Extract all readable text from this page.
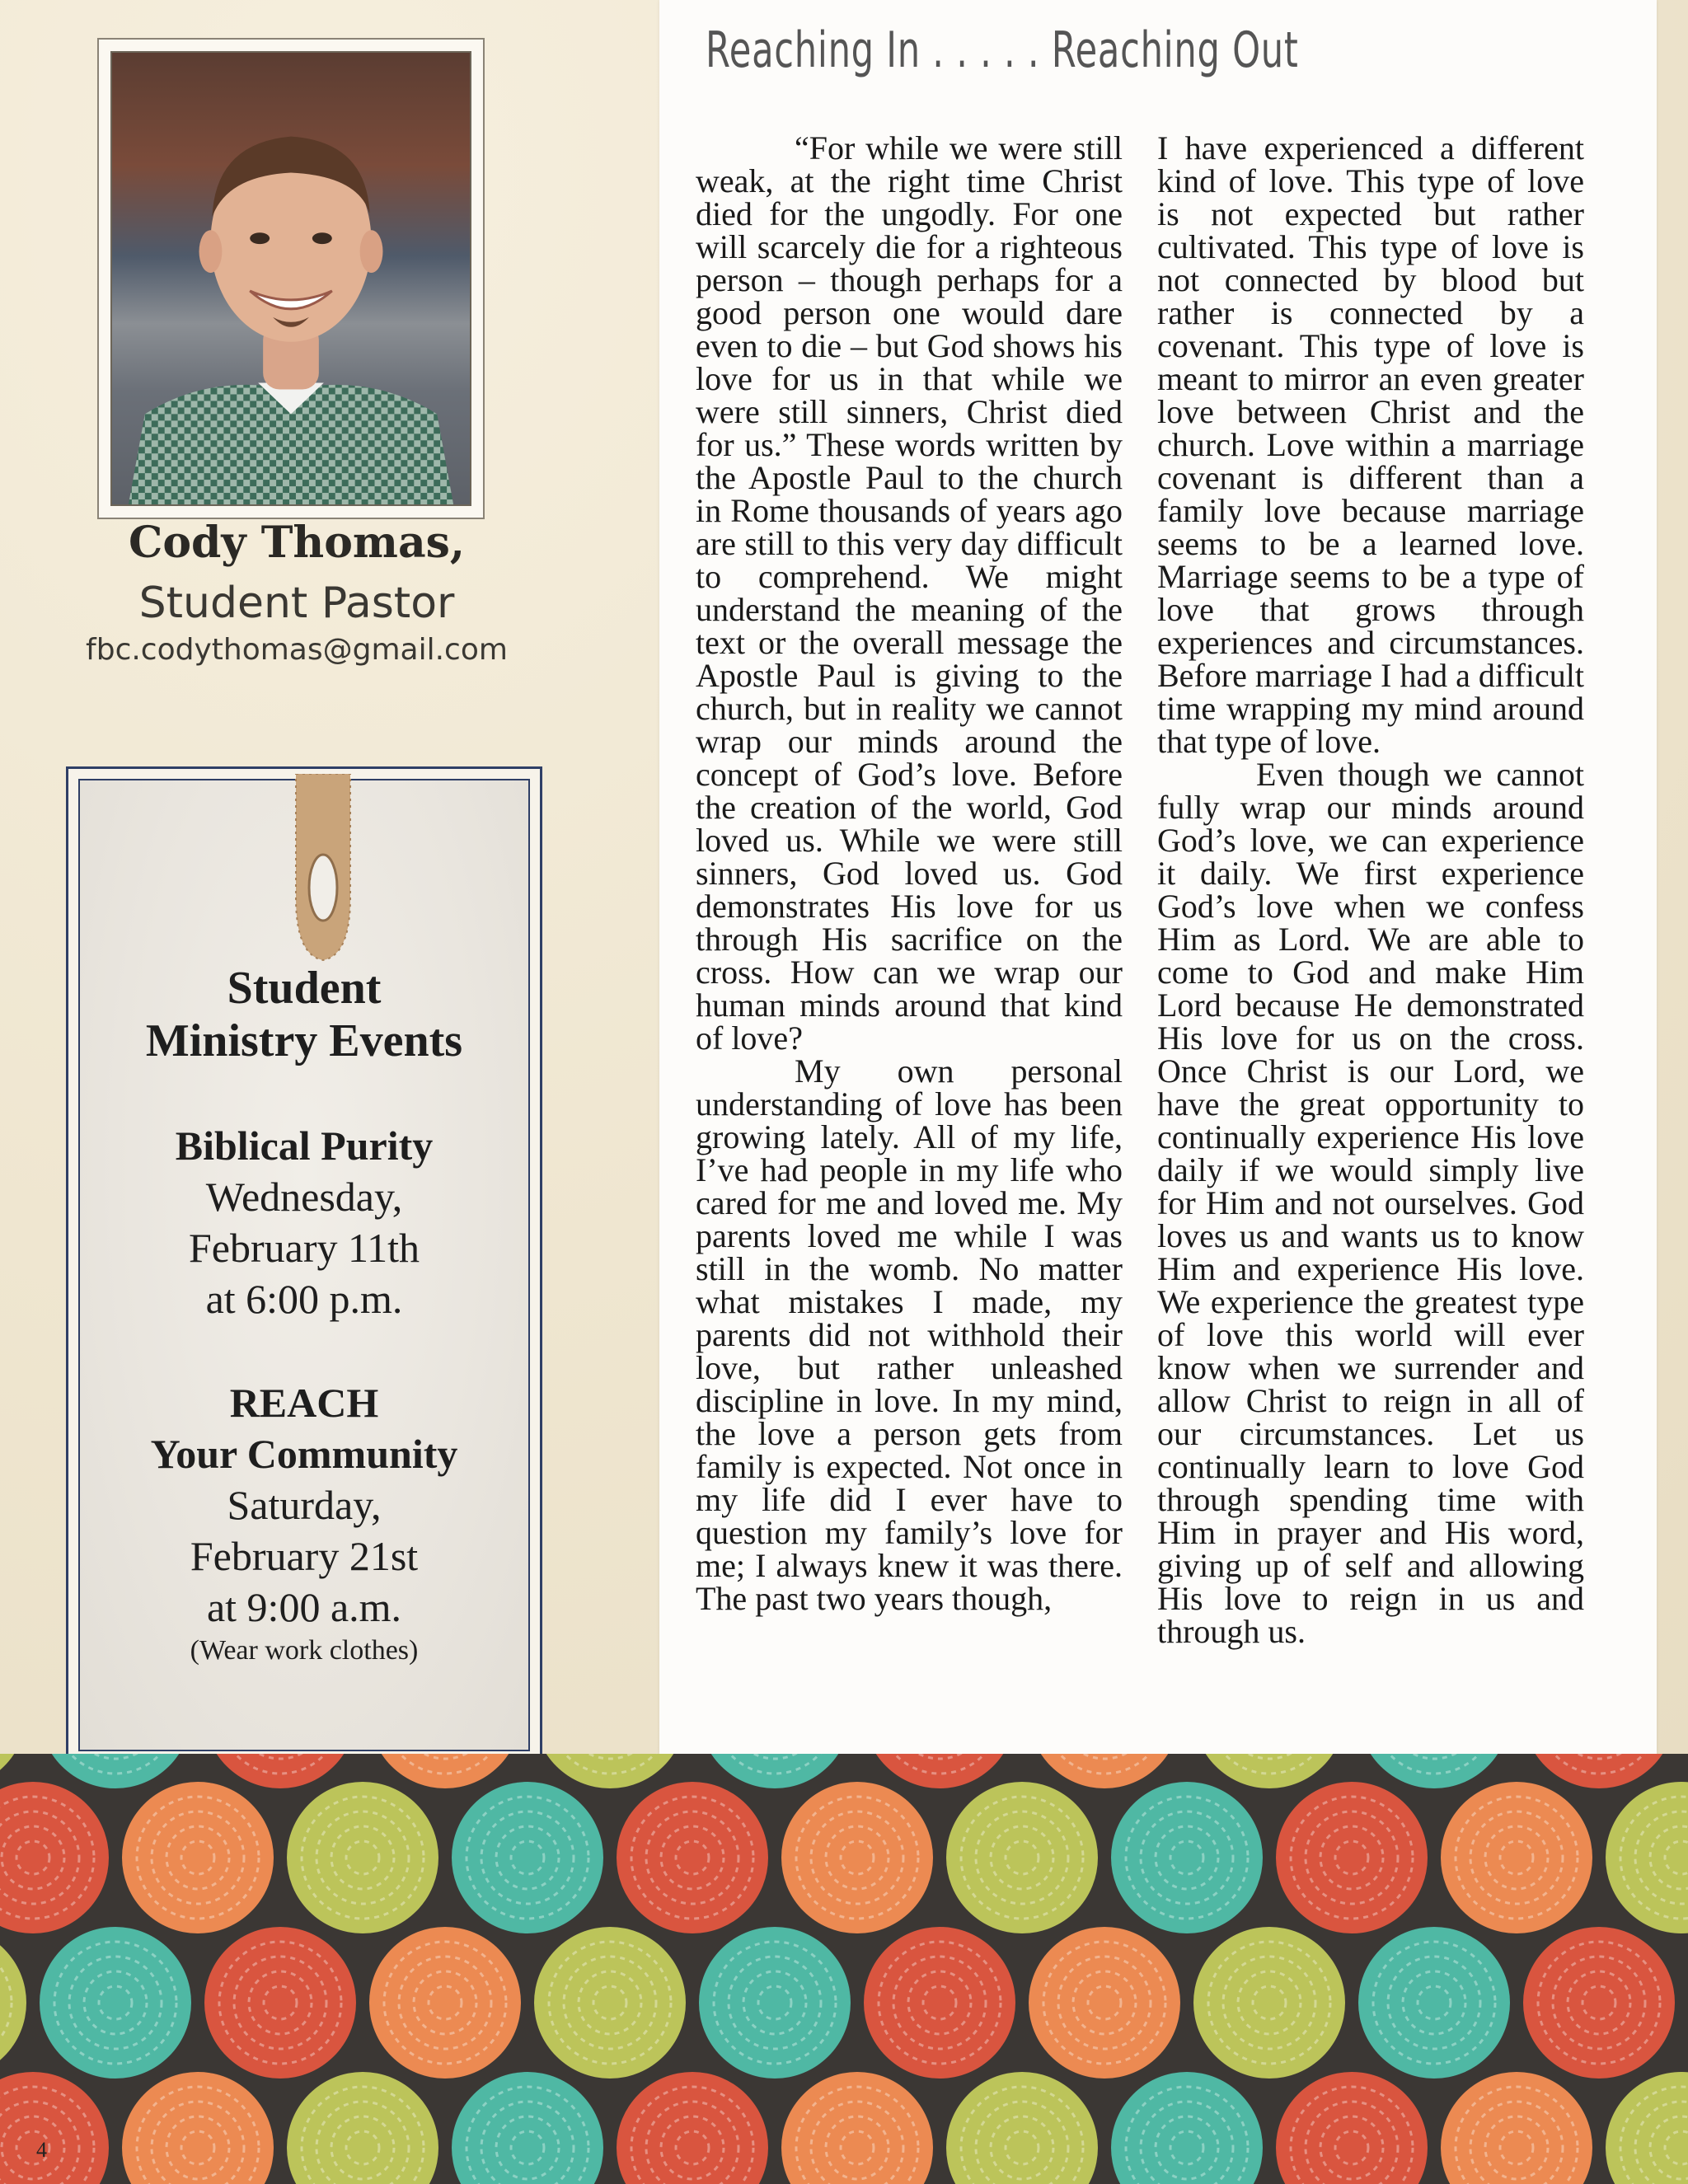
Cody Thomas,
Student Pastor
fbc.codythomas@gmail.com
Student
Ministry Events
Biblical Purity
Wednesday,
February 11th
at 6:00 p.m.
REACH
Your Community
Saturday,
February 21st
at 9:00 a.m.
(Wear work clothes)
Reaching In . . . . . Reaching Out

“For while we were still weak, at the right time Christ died for the ungodly. For one will scarcely die for a righteous person – though perhaps for a good person one would dare even to die – but God shows his love for us in that while we were still sinners, Christ died for us.” These words written by the Apostle Paul to the church in Rome thousands of years ago are still to this very day difficult to comprehend. We might understand the meaning of the text or the overall message the Apostle Paul is giving to the church, but in reality we cannot wrap our minds around the concept of God’s love. Before the creation of the world, God loved us. While we were still sinners, God loved us. God demonstrates His love for us through His sacrifice on the cross. How can we wrap our human minds around that kind of love?

My own personal understanding of love has been growing lately. All of my life, I’ve had people in my life who cared for me and loved me. My parents loved me while I was still in the womb. No matter what mistakes I made, my parents did not withhold their love, but rather unleashed discipline in love. In my mind, the love a person gets from family is expected. Not once in my life did I ever have to question my family’s love for me; I always knew it was there. The past two years though,

I have experienced a different kind of love. This type of love is not expected but rather cultivated. This type of love is not connected by blood but rather is connected by a covenant. This type of love is meant to mirror an even greater love between Christ and the church. Love within a marriage covenant is different than a family love because marriage seems to be a learned love. Marriage seems to be a type of love that grows through experiences and circumstances. Before marriage I had a difficult time wrapping my mind around that type of love.

Even though we cannot fully wrap our minds around God’s love, we can experience it daily. We first experience God’s love when we confess Him as Lord. We are able to come to God and make Him Lord because He demonstrated His love for us on the cross. Once Christ is our Lord, we have the great opportunity to continually experience His love daily if we would simply live for Him and not ourselves. God loves us and wants us to know Him and experience His love. We experience the greatest type of love this world will ever know when we surrender and allow Christ to reign in all of our circumstances. Let us continually learn to love God through spending time with Him in prayer and His word, giving up of self and allowing His love to reign in us and through us.

4
